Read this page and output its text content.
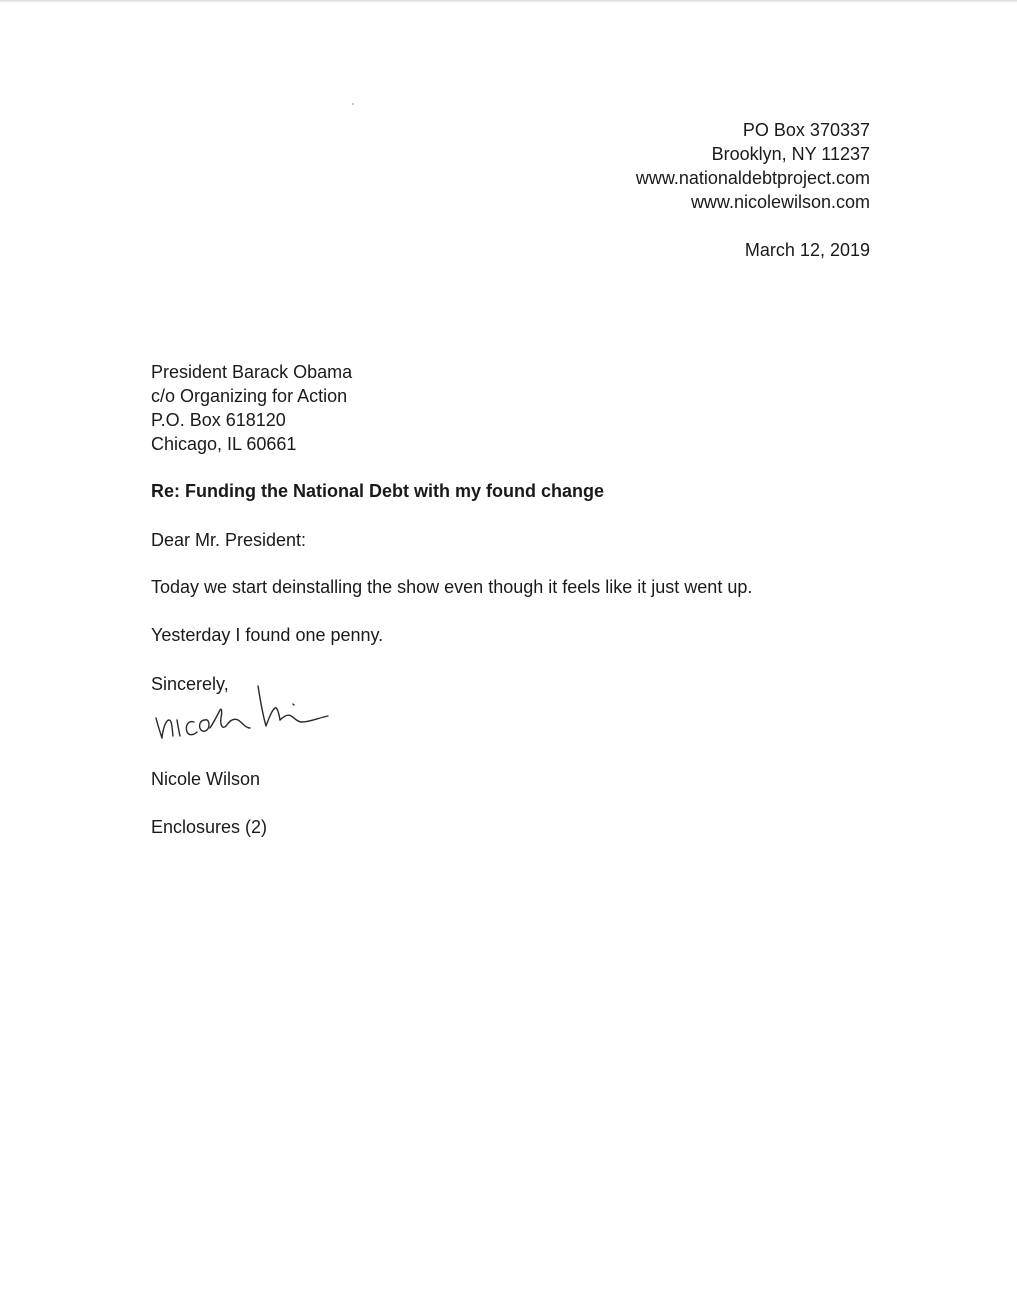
PO Box 370337
Brooklyn, NY 11237
www.nationaldebtproject.com
www.nicolewilson.com
March 12, 2019
President Barack Obama
c/o Organizing for Action
P.O. Box 618120
Chicago, IL 60661
Re: Funding the National Debt with my found change
Dear Mr. President:
Today we start deinstalling the show even though it feels like it just went up.
Yesterday I found one penny.
Sincerely,
Nicole Wilson
Enclosures (2)
